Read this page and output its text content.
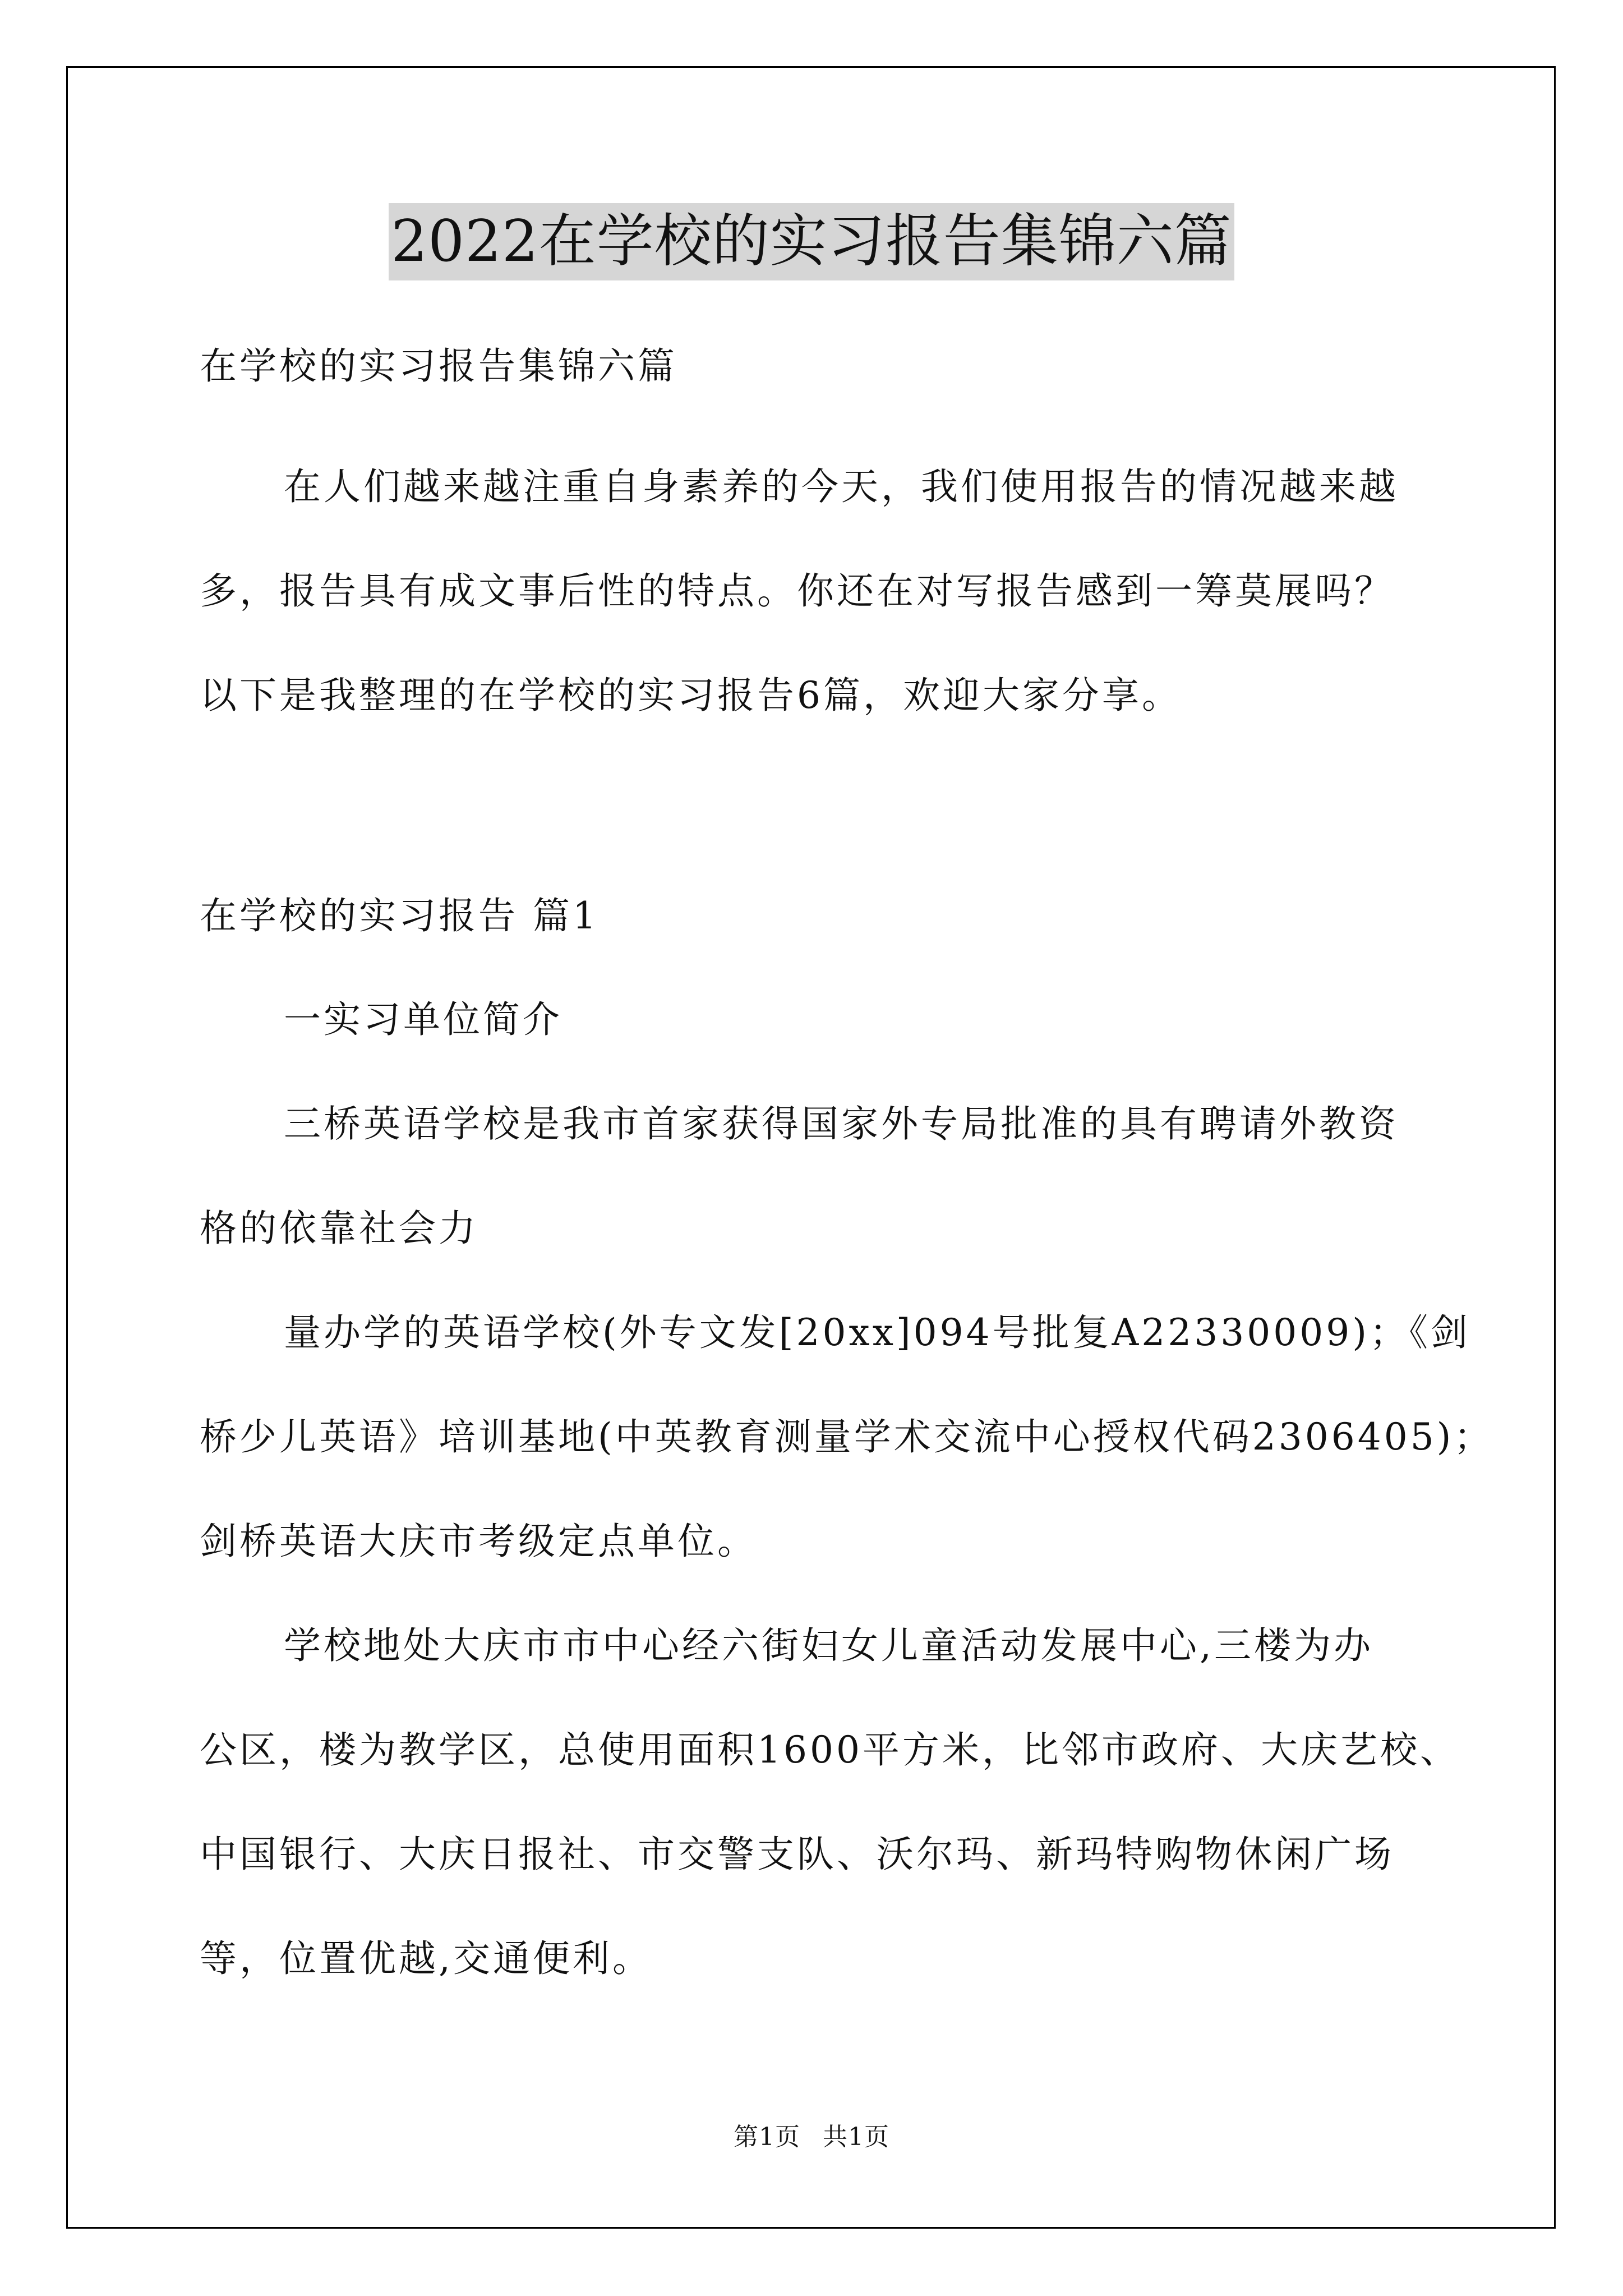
2022在学校的实习报告集锦六篇

在学校的实习报告集锦六篇

在人们越来越注重自身素养的今天，我们使用报告的情况越来越
多，报告具有成文事后性的特点。你还在对写报告感到一筹莫展吗？
以下是我整理的在学校的实习报告6篇，欢迎大家分享。

在学校的实习报告 篇1

一实习单位简介

三桥英语学校是我市首家获得国家外专局批准的具有聘请外教资
格的依靠社会力

量办学的英语学校(外专文发[20xx]094号批复A22330009)；《剑
桥少儿英语》培训基地(中英教育测量学术交流中心授权代码2306405)；
剑桥英语大庆市考级定点单位。

学校地处大庆市市中心经六街妇女儿童活动发展中心,三楼为办
公区，楼为教学区，总使用面积1600平方米，比邻市政府、大庆艺校、
中国银行、大庆日报社、市交警支队、沃尔玛、新玛特购物休闲广场
等，位置优越,交通便利。

第1页 共1页
